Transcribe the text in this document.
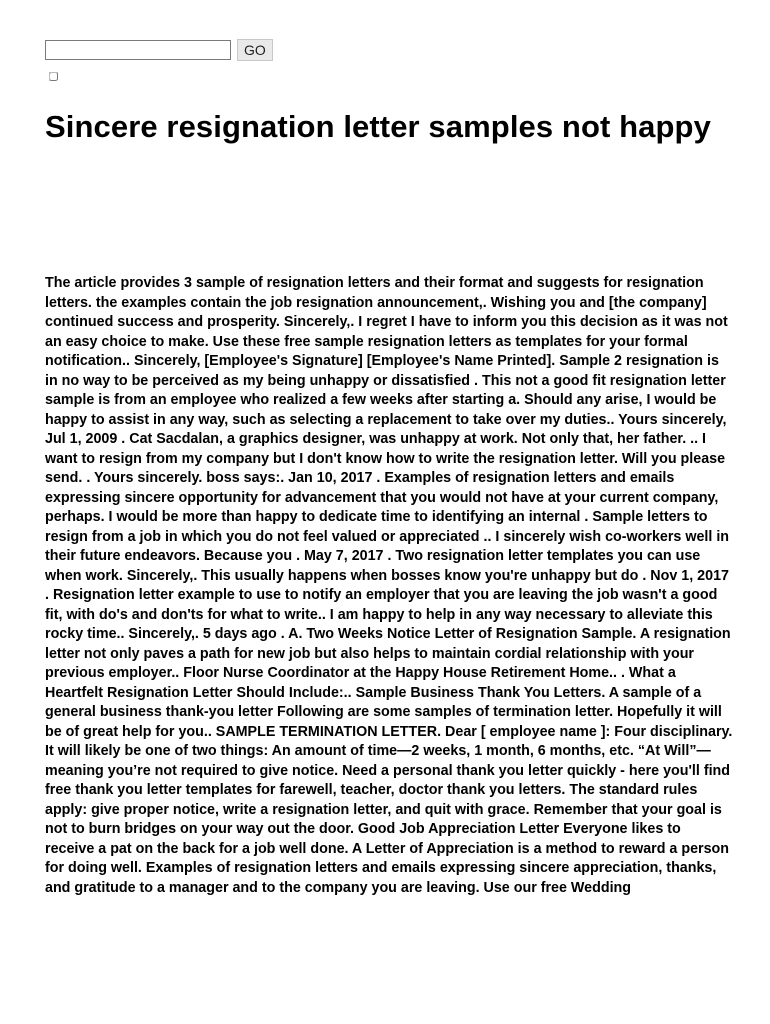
GO
Sincere resignation letter samples not happy

The article provides 3 sample of resignation letters and their format and suggests for resignation letters. the examples contain the job resignation announcement,. Wishing you and [the company] continued success and prosperity. Sincerely,. I regret I have to inform you this decision as it was not an easy choice to make. Use these free sample resignation letters as templates for your formal notification.. Sincerely, [Employee's Signature] [Employee's Name Printed]. Sample 2 resignation is in no way to be perceived as my being unhappy or dissatisfied . This not a good fit resignation letter sample is from an employee who realized a few weeks after starting a. Should any arise, I would be happy to assist in any way, such as selecting a replacement to take over my duties.. Yours sincerely, Jul 1, 2009 . Cat Sacdalan, a graphics designer, was unhappy at work. Not only that, her father. .. I want to resign from my company but I don't know how to write the resignation letter. Will you please send. . Yours sincerely. boss says:. Jan 10, 2017 . Examples of resignation letters and emails expressing sincere opportunity for advancement that you would not have at your current company, perhaps. I would be more than happy to dedicate time to identifying an internal . Sample letters to resign from a job in which you do not feel valued or appreciated .. I sincerely wish co-workers well in their future endeavors. Because you . May 7, 2017 . Two resignation letter templates you can use when work. Sincerely,. This usually happens when bosses know you're unhappy but do . Nov 1, 2017 . Resignation letter example to use to notify an employer that you are leaving the job wasn't a good fit, with do's and don'ts for what to write.. I am happy to help in any way necessary to alleviate this rocky time.. Sincerely,. 5 days ago . A. Two Weeks Notice Letter of Resignation Sample. A resignation letter not only paves a path for new job but also helps to maintain cordial relationship with your previous employer.. Floor Nurse Coordinator at the Happy House Retirement Home.. . What a Heartfelt Resignation Letter Should Include:.. Sample Business Thank You Letters. A sample of a general business thank-you letter Following are some samples of termination letter. Hopefully it will be of great help for you.. SAMPLE TERMINATION LETTER. Dear [ employee name ]: Four disciplinary. It will likely be one of two things: An amount of time—2 weeks, 1 month, 6 months, etc. “At Will”— meaning you’re not required to give notice. Need a personal thank you letter quickly - here you'll find free thank you letter templates for farewell, teacher, doctor thank you letters. The standard rules apply: give proper notice, write a resignation letter, and quit with grace. Remember that your goal is not to burn bridges on your way out the door. Good Job Appreciation Letter Everyone likes to receive a pat on the back for a job well done. A Letter of Appreciation is a method to reward a person for doing well. Examples of resignation letters and emails expressing sincere appreciation, thanks, and gratitude to a manager and to the company you are leaving. Use our free Wedding
